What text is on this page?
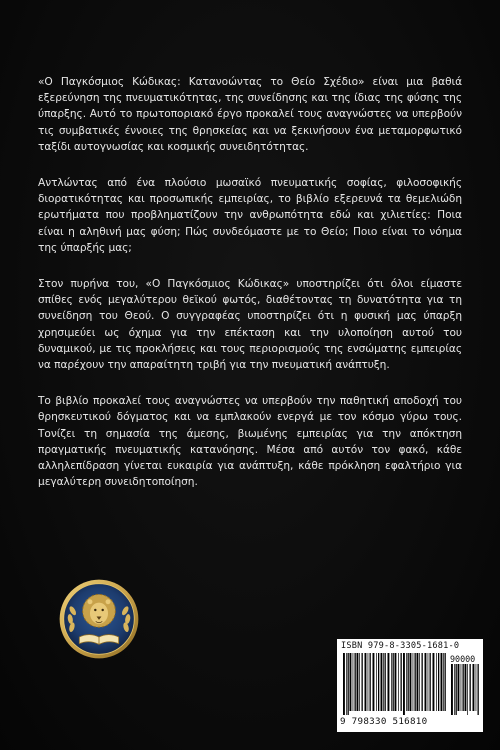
«Ο Παγκόσμιος Κώδικας: Κατανοώντας το Θείο Σχέδιο» είναι μια βαθιά εξερεύνηση της πνευματικότητας, της συνείδησης και της ίδιας της φύσης της ύπαρξης. Αυτό το πρωτοποριακό έργο προκαλεί τους αναγνώστες να υπερβούν τις συμβατικές έννοιες της θρησκείας και να ξεκινήσουν ένα μεταμορφωτικό ταξίδι αυτογνωσίας και κοσμικής συνειδητότητας.

Αντλώντας από ένα πλούσιο μωσαϊκό πνευματικής σοφίας, φιλοσοφικής διορατικότητας και προσωπικής εμπειρίας, το βιβλίο εξερευνά τα θεμελιώδη ερωτήματα που προβληματίζουν την ανθρωπότητα εδώ και χιλιετίες: Ποια είναι η αληθινή μας φύση; Πώς συνδεόμαστε με το Θείο; Ποιο είναι το νόημα της ύπαρξής μας;

Στον πυρήνα του, «Ο Παγκόσμιος Κώδικας» υποστηρίζει ότι όλοι είμαστε σπίθες ενός μεγαλύτερου θεϊκού φωτός, διαθέτοντας τη δυνατότητα για τη συνείδηση του Θεού. Ο συγγραφέας υποστηρίζει ότι η φυσική μας ύπαρξη χρησιμεύει ως όχημα για την επέκταση και την υλοποίηση αυτού του δυναμικού, με τις προκλήσεις και τους περιορισμούς της ενσώματης εμπειρίας να παρέχουν την απαραίτητη τριβή για την πνευματική ανάπτυξη.

Το βιβλίο προκαλεί τους αναγνώστες να υπερβούν την παθητική αποδοχή του θρησκευτικού δόγματος και να εμπλακούν ενεργά με τον κόσμο γύρω τους. Τονίζει τη σημασία της άμεσης, βιωμένης εμπειρίας για την απόκτηση πραγματικής πνευματικής κατανόησης. Μέσα από αυτόν τον φακό, κάθε αλληλεπίδραση γίνεται ευκαιρία για ανάπτυξη, κάθε πρόκληση εφαλτήριο για μεγαλύτερη συνειδητοποίηση.

ISBN 979-8-3305-1681-0
90000
9 798330 516810
